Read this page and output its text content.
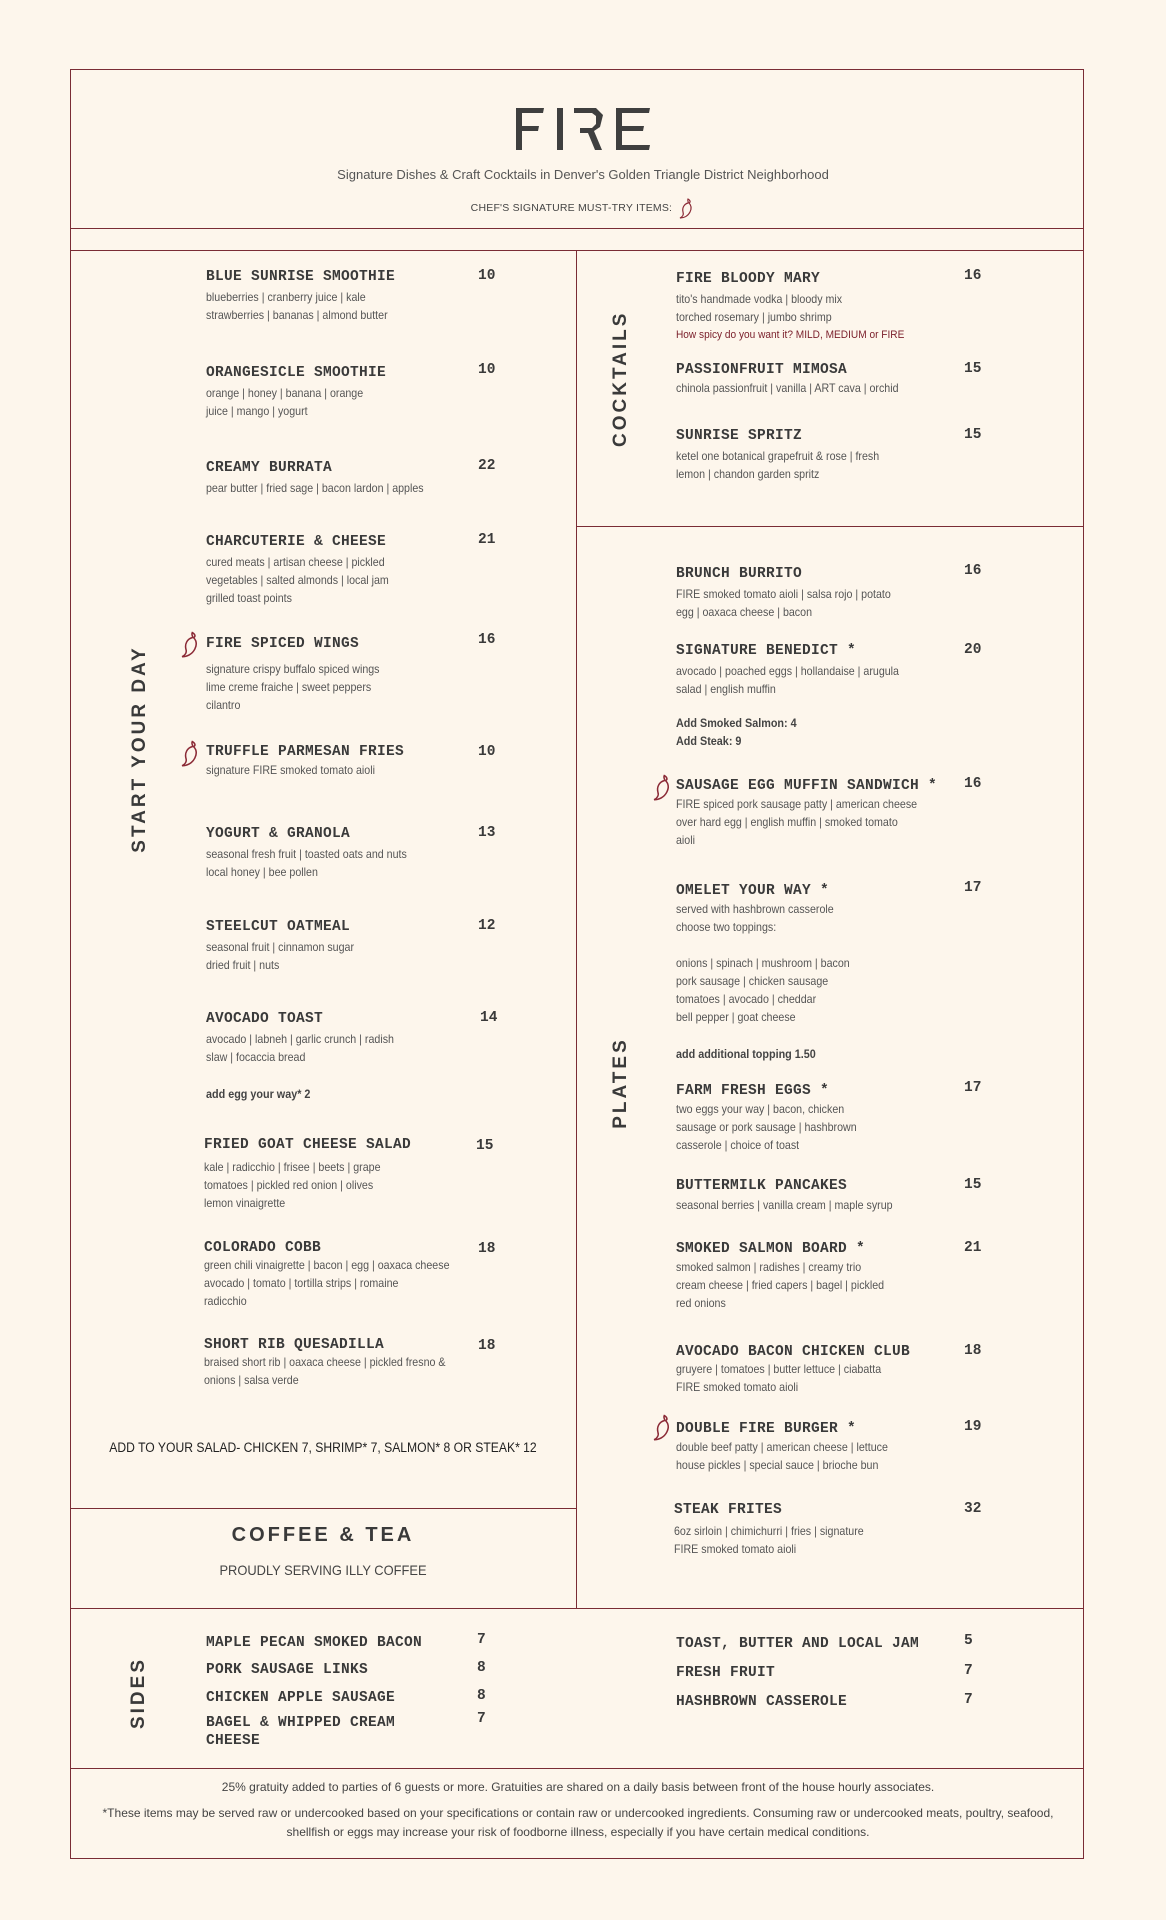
Signature Dishes & Craft Cocktails in Denver's Golden Triangle District Neighborhood
CHEF'S SIGNATURE MUST-TRY ITEMS:
START YOUR DAY
COCKTAILS
PLATES
SIDES
BLUE SUNRISE SMOOTHIE
blueberries | cranberry juice | kale
strawberries | bananas | almond butter
10
ORANGESICLE SMOOTHIE
orange | honey | banana | orange
juice | mango | yogurt
10
CREAMY BURRATA
pear butter | fried sage | bacon lardon | apples
22
CHARCUTERIE & CHEESE
cured meats | artisan cheese | pickled
vegetables | salted almonds | local jam
grilled toast points
21
FIRE SPICED WINGS
signature crispy buffalo spiced wings
lime creme fraiche | sweet peppers
cilantro
16
TRUFFLE PARMESAN FRIES
signature FIRE smoked tomato aioli
10
YOGURT & GRANOLA
seasonal fresh fruit | toasted oats and nuts
local honey | bee pollen
13
STEELCUT OATMEAL
seasonal fruit | cinnamon sugar
dried fruit | nuts
12
AVOCADO TOAST
avocado | labneh | garlic crunch | radish
slaw | focaccia bread
14
add egg your way* 2
FRIED GOAT CHEESE SALAD
kale | radicchio | frisee | beets | grape
tomatoes | pickled red onion | olives
lemon vinaigrette
15
COLORADO COBB
green chili vinaigrette | bacon | egg | oaxaca cheese
avocado | tomato | tortilla strips | romaine
radicchio
18
SHORT RIB QUESADILLA
braised short rib | oaxaca cheese | pickled fresno &
onions | salsa verde
18
ADD TO YOUR SALAD- CHICKEN 7, SHRIMP* 7, SALMON* 8 OR STEAK* 12
FIRE BLOODY MARY
tito's handmade vodka | bloody mix
torched rosemary | jumbo shrimp
How spicy do you want it? MILD, MEDIUM or FIRE
16
PASSIONFRUIT MIMOSA
chinola passionfruit | vanilla | ART cava | orchid
15
SUNRISE SPRITZ
ketel one botanical grapefruit & rose | fresh
lemon | chandon garden spritz
15
BRUNCH BURRITO
FIRE smoked tomato aioli | salsa rojo | potato
egg | oaxaca cheese | bacon
16
SIGNATURE BENEDICT *
avocado | poached eggs | hollandaise | arugula
salad | english muffin
20
Add Smoked Salmon: 4
Add Steak: 9
SAUSAGE EGG MUFFIN SANDWICH *
FIRE spiced pork sausage patty | american cheese
over hard egg | english muffin | smoked tomato
aioli
16
OMELET YOUR WAY *
served with hashbrown casserole
choose two toppings:

onions | spinach | mushroom | bacon
pork sausage | chicken sausage
tomatoes | avocado | cheddar
bell pepper | goat cheese
17
add additional topping 1.50
FARM FRESH EGGS *
two eggs your way | bacon, chicken
sausage or pork sausage | hashbrown
casserole | choice of toast
17
BUTTERMILK PANCAKES
seasonal berries | vanilla cream | maple syrup
15
SMOKED SALMON BOARD *
smoked salmon | radishes | creamy trio
cream cheese | fried capers | bagel | pickled
red onions
21
AVOCADO BACON CHICKEN CLUB
gruyere | tomatoes | butter lettuce | ciabatta
FIRE smoked tomato aioli
18
DOUBLE FIRE BURGER *
double beef patty | american cheese | lettuce
house pickles | special sauce | brioche bun
19
STEAK FRITES
6oz sirloin | chimichurri | fries | signature
FIRE smoked tomato aioli
32
COFFEE & TEA
PROUDLY SERVING ILLY COFFEE
MAPLE PECAN SMOKED BACON	7
PORK SAUSAGE LINKS	8
CHICKEN APPLE SAUSAGE	8
BAGEL & WHIPPED CREAM
CHEESE
7
TOAST, BUTTER AND LOCAL JAM	5
FRESH FRUIT	7
HASHBROWN CASSEROLE	7
25% gratuity added to parties of 6 guests or more. Gratuities are shared on a daily basis between front of the house hourly associates.
*These items may be served raw or undercooked based on your specifications or contain raw or undercooked ingredients. Consuming raw or undercooked meats, poultry, seafood, shellfish or eggs may increase your risk of foodborne illness, especially if you have certain medical conditions.
